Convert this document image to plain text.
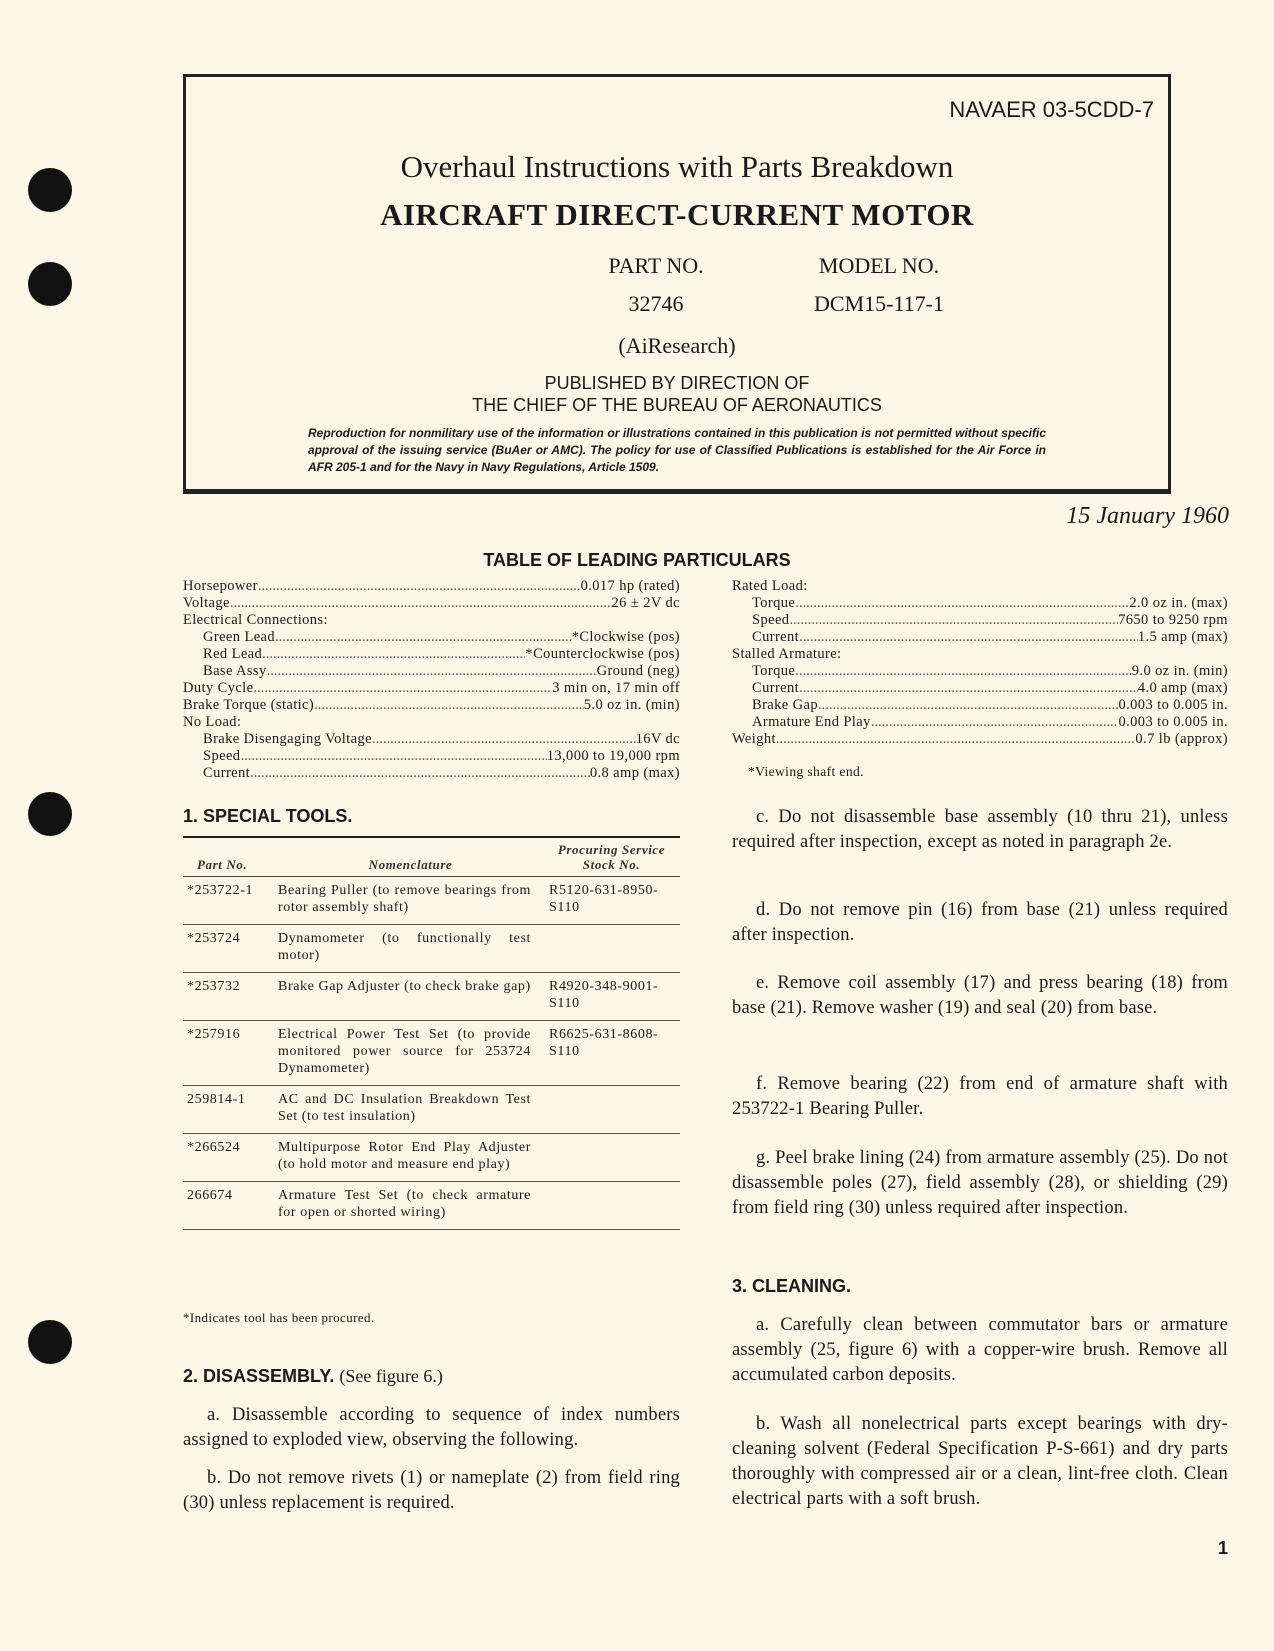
NAVAER 03-5CDD-7
Overhaul Instructions with Parts Breakdown
AIRCRAFT DIRECT-CURRENT MOTOR
PART NO.	MODEL NO.
32746	DCM15-117-1
(AiResearch)
PUBLISHED BY DIRECTION OF
THE CHIEF OF THE BUREAU OF AERONAUTICS
Reproduction for nonmilitary use of the information or illustrations contained in this publication is not permitted without specific approval of the issuing service (BuAer or AMC). The policy for use of Classified Publications is established for the Air Force in AFR 205-1 and for the Navy in Navy Regulations, Article 1509.
15 January 1960
TABLE OF LEADING PARTICULARS
Horsepower .....	0.017 hp (rated)
Voltage .....	26 ± 2V dc
Electrical Connections:
Green Lead .....	*Clockwise (pos)
Red Lead .....	*Counterclockwise (pos)
Base Assy .....	Ground (neg)
Duty Cycle .....	3 min on, 17 min off
Brake Torque (static) .....	5.0 oz in. (min)
No Load:
Brake Disengaging Voltage .....	16V dc
Speed .....	13,000 to 19,000 rpm
Current .....	0.8 amp (max)
Rated Load:
Torque .....	2.0 oz in. (max)
Speed .....	7650 to 9250 rpm
Current .....	1.5 amp (max)
Stalled Armature:
Torque .....	9.0 oz in. (min)
Current .....	4.0 amp (max)
Brake Gap .....	0.003 to 0.005 in.
Armature End Play .....	0.003 to 0.005 in.
Weight .....	0.7 lb (approx)
*Viewing shaft end.
1. SPECIAL TOOLS.
Part No.	Nomenclature	Procuring Service Stock No.
*253722-1	Bearing Puller (to remove bearings from rotor assembly shaft)	R5120-631-8950-S110
*253724	Dynamometer (to functionally test motor)	
*253732	Brake Gap Adjuster (to check brake gap)	R4920-348-9001-S110
*257916	Electrical Power Test Set (to provide monitored power source for 253724 Dynamometer)	R6625-631-8608-S110
259814-1	AC and DC Insulation Breakdown Test Set (to test insulation)	
*266524	Multipurpose Rotor End Play Adjuster (to hold motor and measure end play)	
266674	Armature Test Set (to check armature for open or shorted wiring)	
*Indicates tool has been procured.
2. DISASSEMBLY. (See figure 6.)
a. Disassemble according to sequence of index numbers assigned to exploded view, observing the following.
b. Do not remove rivets (1) or nameplate (2) from field ring (30) unless replacement is required.
c. Do not disassemble base assembly (10 thru 21), unless required after inspection, except as noted in paragraph 2e.
d. Do not remove pin (16) from base (21) unless required after inspection.
e. Remove coil assembly (17) and press bearing (18) from base (21). Remove washer (19) and seal (20) from base.
f. Remove bearing (22) from end of armature shaft with 253722-1 Bearing Puller.
g. Peel brake lining (24) from armature assembly (25). Do not disassemble poles (27), field assembly (28), or shielding (29) from field ring (30) unless required after inspection.
3. CLEANING.
a. Carefully clean between commutator bars or armature assembly (25, figure 6) with a copper-wire brush. Remove all accumulated carbon deposits.
b. Wash all nonelectrical parts except bearings with dry-cleaning solvent (Federal Specification P-S-661) and dry parts thoroughly with compressed air or a clean, lint-free cloth. Clean electrical parts with a soft brush.
1
